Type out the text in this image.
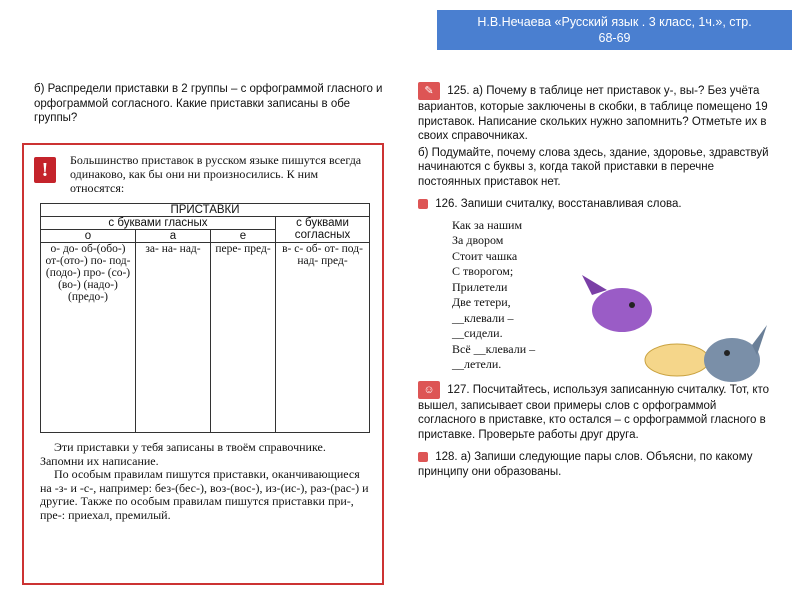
Н.В.Нечаева «Русский язык . 3 класс, 1ч.», стр.
68-69

б) Распредели приставки в 2 группы – с орфограммой гласного и орфограммой согласного. Какие приставки записаны в обе группы?

!	Большинство приставок в русском языке пишутся всегда одинаково, как бы они ни произносились. К ним относятся:
ПРИСТАВКИ			
с буквами гласных			с буквами согласных
о	а	е	
о- до- об-(обо-) от-(ото-) по- под-(подо-) про- (со-) (во-) (надо-) (предо-)	за- на- над-	пере- пред-	в- с- об- от- под- над- пред-

Эти приставки у тебя записаны в твоём справочнике. Запомни их написание.

По особым правилам пишутся приставки, оканчивающиеся на -з- и -с-, например: без-(бес-), воз-(вос-), из-(ис-), раз-(рас-) и другие. Также по особым правилам пишутся приставки при-, пре-: приехал, премилый.

✎ 125. а) Почему в таблице нет приставок у-, вы-? Без учёта вариантов, которые заключены в скобки, в таблице помещено 19 приставок. Написание скольких нужно запомнить? Отметьте их в своих справочниках.
б) Подумайте, почему слова здесь, здание, здоровье, здравствуй начинаются с буквы з, когда такой приставки в перечне постоянных приставок нет.
126. Запиши считалку, восстанавливая слова.
Как за нашим
За двором
Стоит чашка
С творогом;
Прилетели
Две тетери,
__клевали –
__сидели.
Всё __клевали –
__летели.
☺ 127. Посчитайтесь, используя записанную считалку. Тот, кто вышел, записывает свои примеры слов с орфограммой согласного в приставке, кто остался – с орфограммой гласного в приставке. Проверьте работы друг друга.
128. а) Запиши следующие пары слов. Объясни, по какому принципу они образованы.
